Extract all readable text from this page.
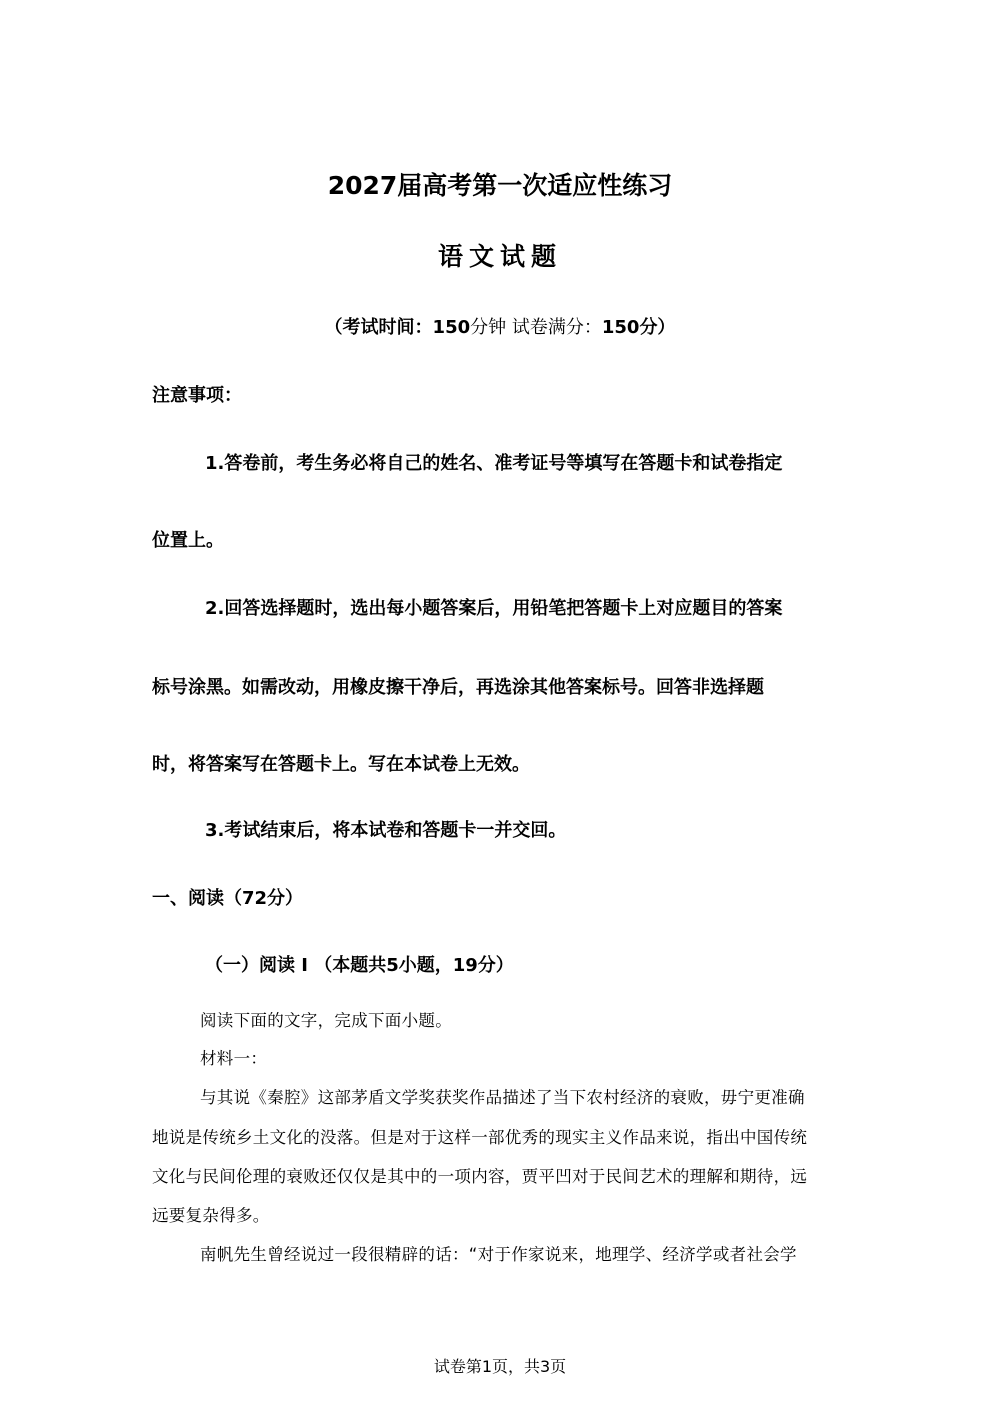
2027届高考第一次适应性练习
语文试题

（考试时间：150分钟 试卷满分：150分）

注意事项：

1.答卷前，考生务必将自己的姓名、准考证号等填写在答题卡和试卷指定

位置上。

2.回答选择题时，选出每小题答案后，用铅笔把答题卡上对应题目的答案

标号涂黑。如需改动，用橡皮擦干净后，再选涂其他答案标号。回答非选择题

时，将答案写在答题卡上。写在本试卷上无效。

3.考试结束后，将本试卷和答题卡一并交回。

一、阅读（72分）

（一）阅读 I （本题共5小题，19分）

阅读下面的文字，完成下面小题。

材料一：

与其说《秦腔》这部茅盾文学奖获奖作品描述了当下农村经济的衰败，毋宁更准确

地说是传统乡土文化的没落。但是对于这样一部优秀的现实主义作品来说，指出中国传统

文化与民间伦理的衰败还仅仅是其中的一项内容，贾平凹对于民间艺术的理解和期待，远

远要复杂得多。

南帆先生曾经说过一段很精辟的话：“对于作家说来，地理学、经济学或者社会学

试卷第1页，共3页
